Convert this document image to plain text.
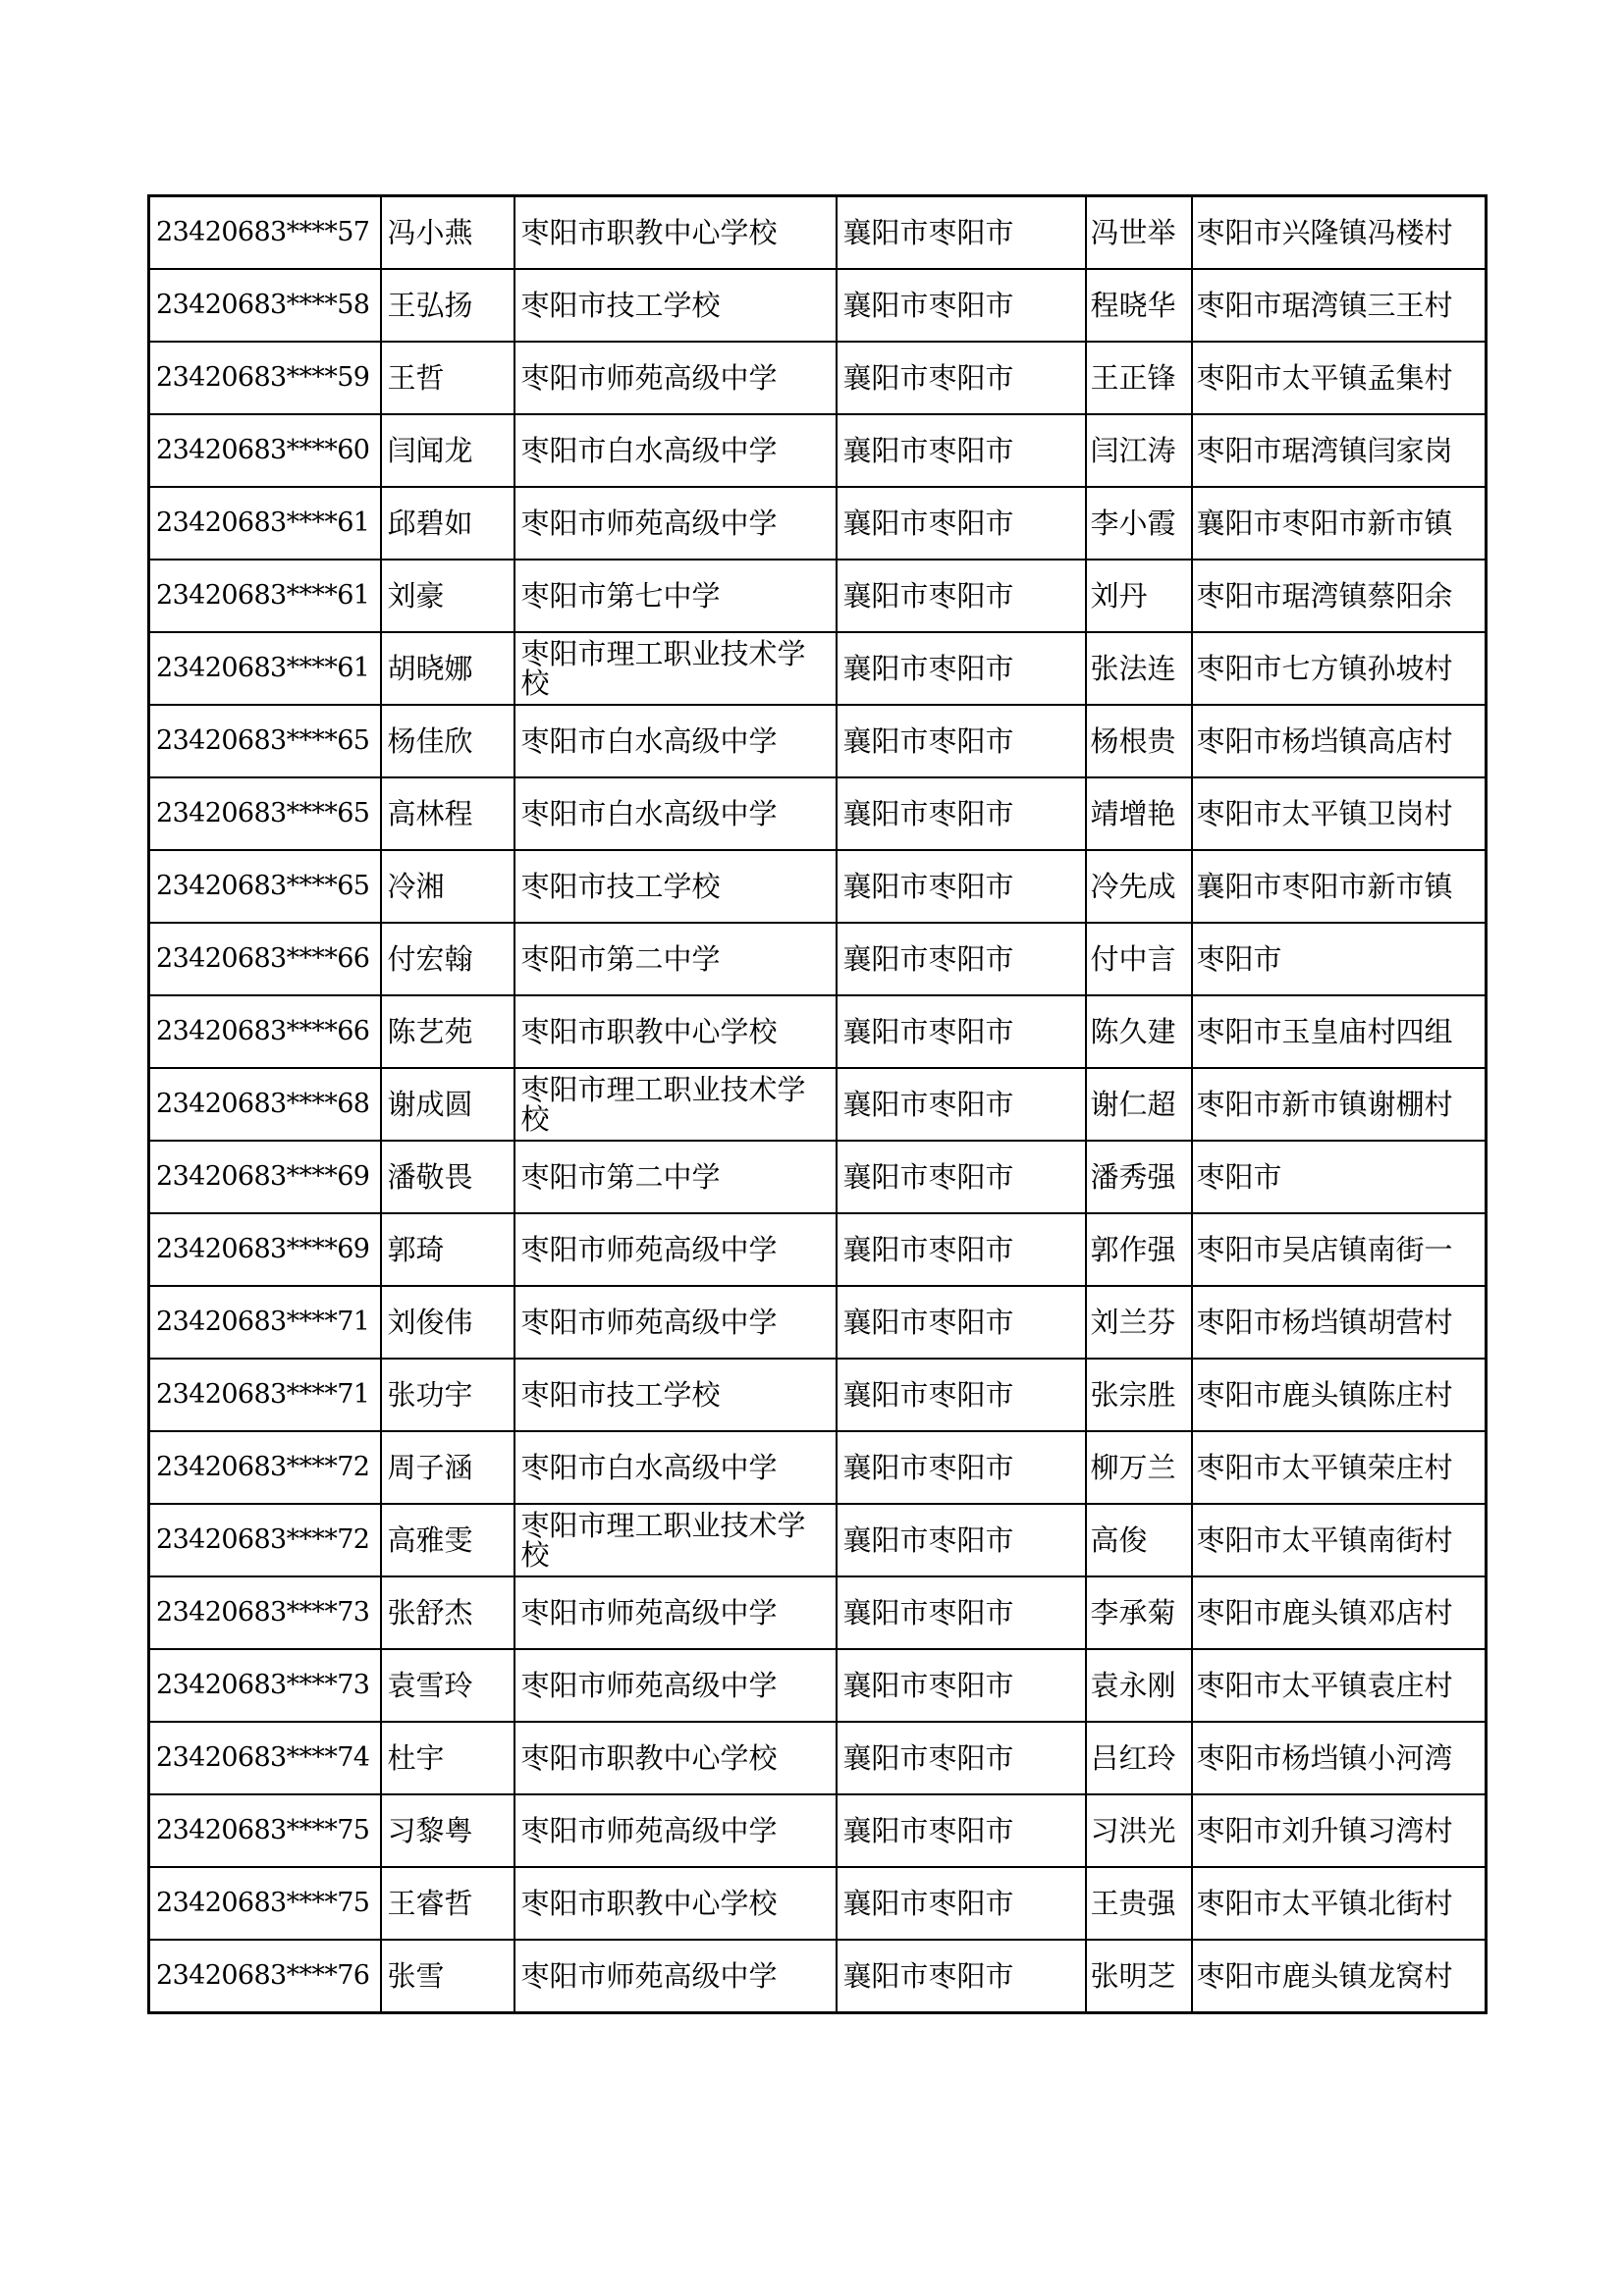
23420683****57	冯小燕	枣阳市职教中心学校	襄阳市枣阳市	冯世举	枣阳市兴隆镇冯楼村
23420683****58	王弘扬	枣阳市技工学校	襄阳市枣阳市	程晓华	枣阳市琚湾镇三王村
23420683****59	王哲	枣阳市师苑高级中学	襄阳市枣阳市	王正锋	枣阳市太平镇孟集村
23420683****60	闫闻龙	枣阳市白水高级中学	襄阳市枣阳市	闫江涛	枣阳市琚湾镇闫家岗
23420683****61	邱碧如	枣阳市师苑高级中学	襄阳市枣阳市	李小霞	襄阳市枣阳市新市镇
23420683****61	刘豪	枣阳市第七中学	襄阳市枣阳市	刘丹	枣阳市琚湾镇蔡阳余
23420683****61	胡晓娜	枣阳市理工职业技术学校	襄阳市枣阳市	张法连	枣阳市七方镇孙坡村
23420683****65	杨佳欣	枣阳市白水高级中学	襄阳市枣阳市	杨根贵	枣阳市杨垱镇高店村
23420683****65	高林程	枣阳市白水高级中学	襄阳市枣阳市	靖增艳	枣阳市太平镇卫岗村
23420683****65	冷湘	枣阳市技工学校	襄阳市枣阳市	冷先成	襄阳市枣阳市新市镇
23420683****66	付宏翰	枣阳市第二中学	襄阳市枣阳市	付中言	枣阳市
23420683****66	陈艺苑	枣阳市职教中心学校	襄阳市枣阳市	陈久建	枣阳市玉皇庙村四组
23420683****68	谢成圆	枣阳市理工职业技术学校	襄阳市枣阳市	谢仁超	枣阳市新市镇谢棚村
23420683****69	潘敬畏	枣阳市第二中学	襄阳市枣阳市	潘秀强	枣阳市
23420683****69	郭琦	枣阳市师苑高级中学	襄阳市枣阳市	郭作强	枣阳市吴店镇南街一
23420683****71	刘俊伟	枣阳市师苑高级中学	襄阳市枣阳市	刘兰芬	枣阳市杨垱镇胡营村
23420683****71	张功宇	枣阳市技工学校	襄阳市枣阳市	张宗胜	枣阳市鹿头镇陈庄村
23420683****72	周子涵	枣阳市白水高级中学	襄阳市枣阳市	柳万兰	枣阳市太平镇荣庄村
23420683****72	高雅雯	枣阳市理工职业技术学校	襄阳市枣阳市	高俊	枣阳市太平镇南街村
23420683****73	张舒杰	枣阳市师苑高级中学	襄阳市枣阳市	李承菊	枣阳市鹿头镇邓店村
23420683****73	袁雪玲	枣阳市师苑高级中学	襄阳市枣阳市	袁永刚	枣阳市太平镇袁庄村
23420683****74	杜宇	枣阳市职教中心学校	襄阳市枣阳市	吕红玲	枣阳市杨垱镇小河湾
23420683****75	习黎粤	枣阳市师苑高级中学	襄阳市枣阳市	习洪光	枣阳市刘升镇习湾村
23420683****75	王睿哲	枣阳市职教中心学校	襄阳市枣阳市	王贵强	枣阳市太平镇北街村
23420683****76	张雪	枣阳市师苑高级中学	襄阳市枣阳市	张明芝	枣阳市鹿头镇龙窝村
